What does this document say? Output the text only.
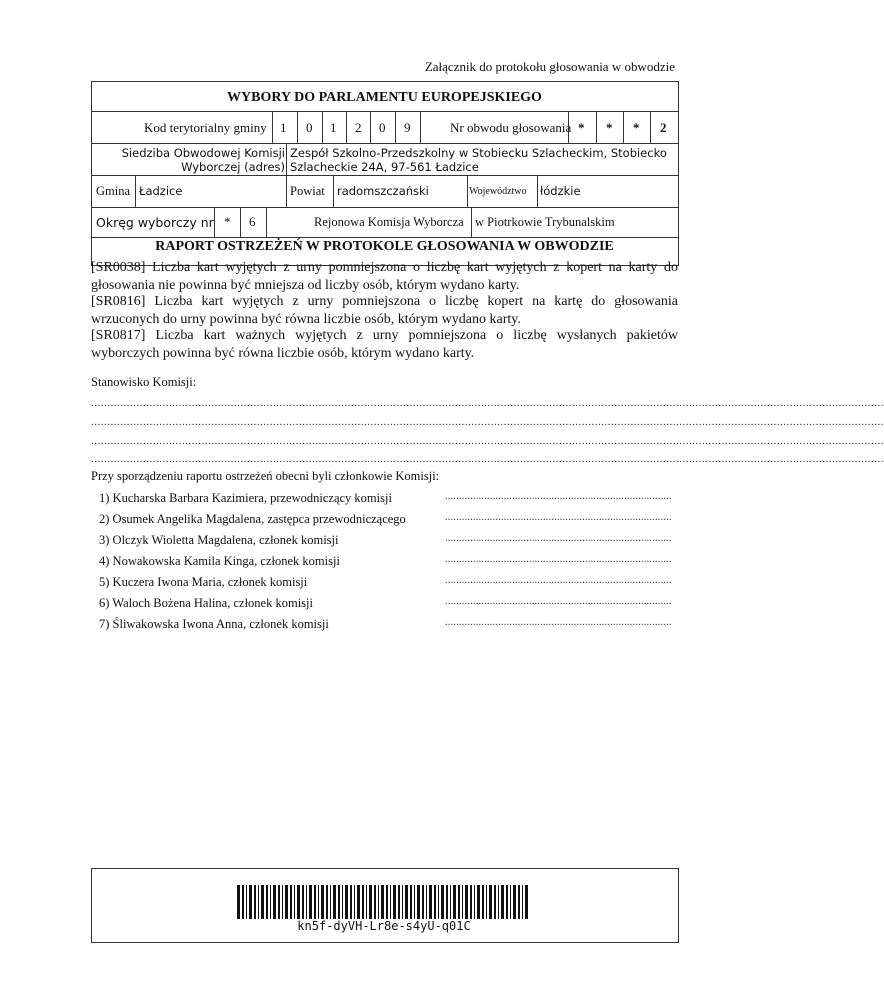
Załącznik do protokołu głosowania w obwodzie
WYBORY DO PARLAMENTU EUROPEJSKIEGO
Kod terytorialny gminy 1 0 1 2 0 9	Nr obwodu głosowania * * * 2
Siedziba Obwodowej Komisji
Wyborczej (adres)
Zespół Szkolno-Przedszkolny w Stobiecku Szlacheckim, Stobiecko
Szlacheckie 24A, 97-561 Ładzice
Gmina Ładzice	Powiat radomszczański	Województwo łódzkie
Okręg wyborczy nr * 6	Rejonowa Komisja Wyborcza w Piotrkowie Trybunalskim
RAPORT OSTRZEŻEŃ W PROTOKOLE GŁOSOWANIA W OBWODZIE
[SR0038] Liczba kart wyjętych z urny pomniejszona o liczbę kart wyjętych z kopert na karty do głosowania nie powinna być mniejsza od liczby osób, którym wydano karty.
[SR0816] Liczba kart wyjętych z urny pomniejszona o liczbę kopert na kartę do głosowania wrzuconych do urny powinna być równa liczbie osób, którym wydano karty.
[SR0817] Liczba kart ważnych wyjętych z urny pomniejszona o liczbę wysłanych pakietów wyborczych powinna być równa liczbie osób, którym wydano karty.
Stanowisko Komisji:
....................................................................................................................................................................................................................................................
....................................................................................................................................................................................................................................................
....................................................................................................................................................................................................................................................
....................................................................................................................................................................................................................................................
Przy sporządzeniu raportu ostrzeżeń obecni byli członkowie Komisji:
1) Kucharska Barbara Kazimiera, przewodniczący komisji	.................................................................................
2) Osumek Angelika Magdalena, zastępca przewodniczącego	.................................................................................
3) Olczyk Wioletta Magdalena, członek komisji	.................................................................................
4) Nowakowska Kamila Kinga, członek komisji	.................................................................................
5) Kuczera Iwona Maria, członek komisji	.................................................................................
6) Waloch Bożena Halina, członek komisji	.................................................................................
7) Śliwakowska Iwona Anna, członek komisji	.................................................................................
kn5f-dyVH-Lr8e-s4yU-q01C
